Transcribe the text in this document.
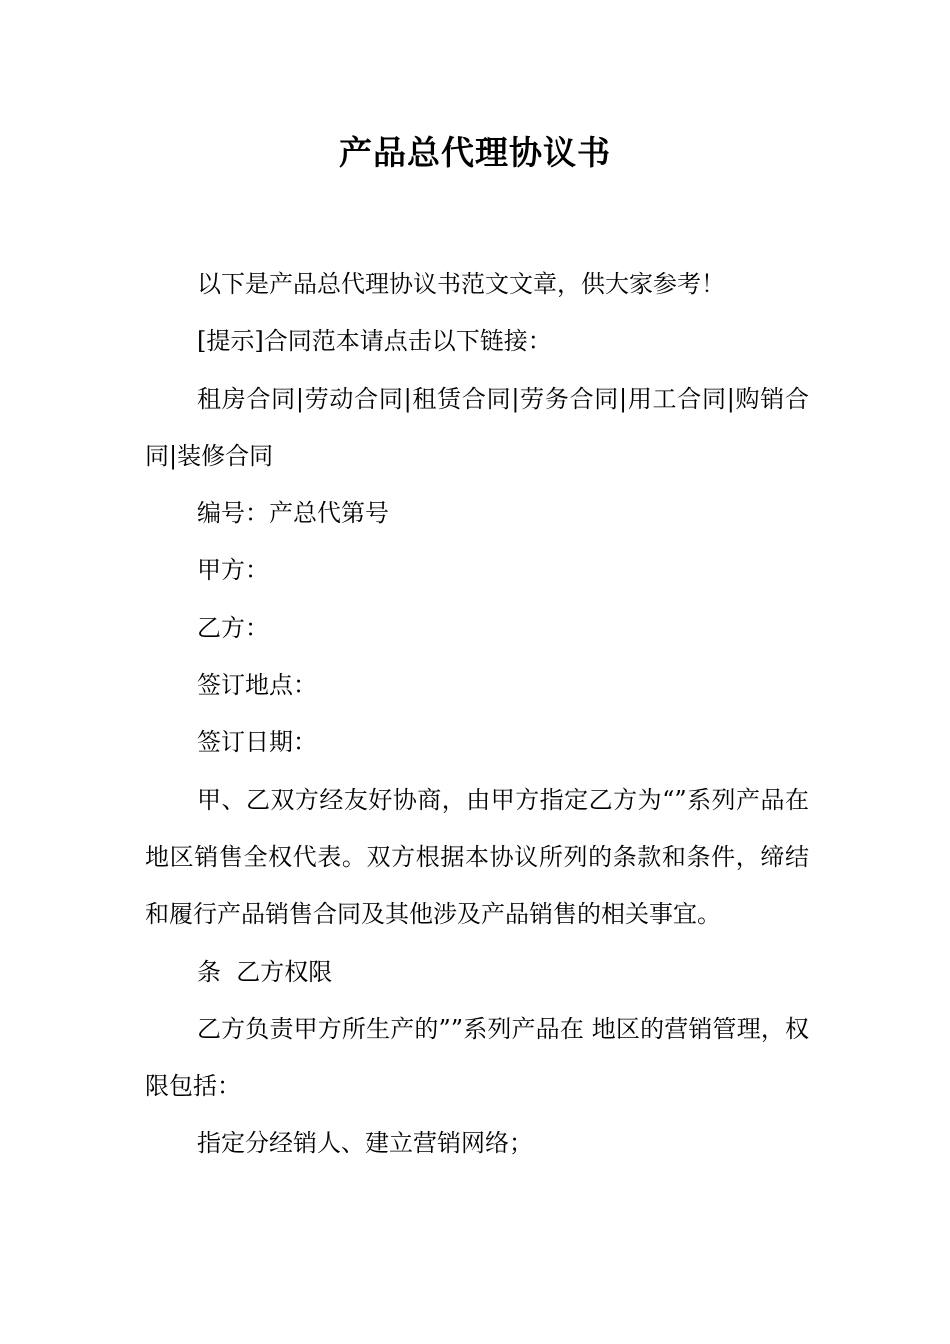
产品总代理协议书

以下是产品总代理协议书范文文章，供大家参考！

[提示]合同范本请点击以下链接：

租房合同|劳动合同|租赁合同|劳务合同|用工合同|购销合同|装修合同

编号：产总代第号

甲方：

乙方：

签订地点：

签订日期：

甲、乙双方经友好协商，由甲方指定乙方为“”系列产品在地区销售全权代表。双方根据本协议所列的条款和条件，缔结和履行产品销售合同及其他涉及产品销售的相关事宜。

条  乙方权限

乙方负责甲方所生产的””系列产品在 地区的营销管理，权限包括：

指定分经销人、建立营销网络；
